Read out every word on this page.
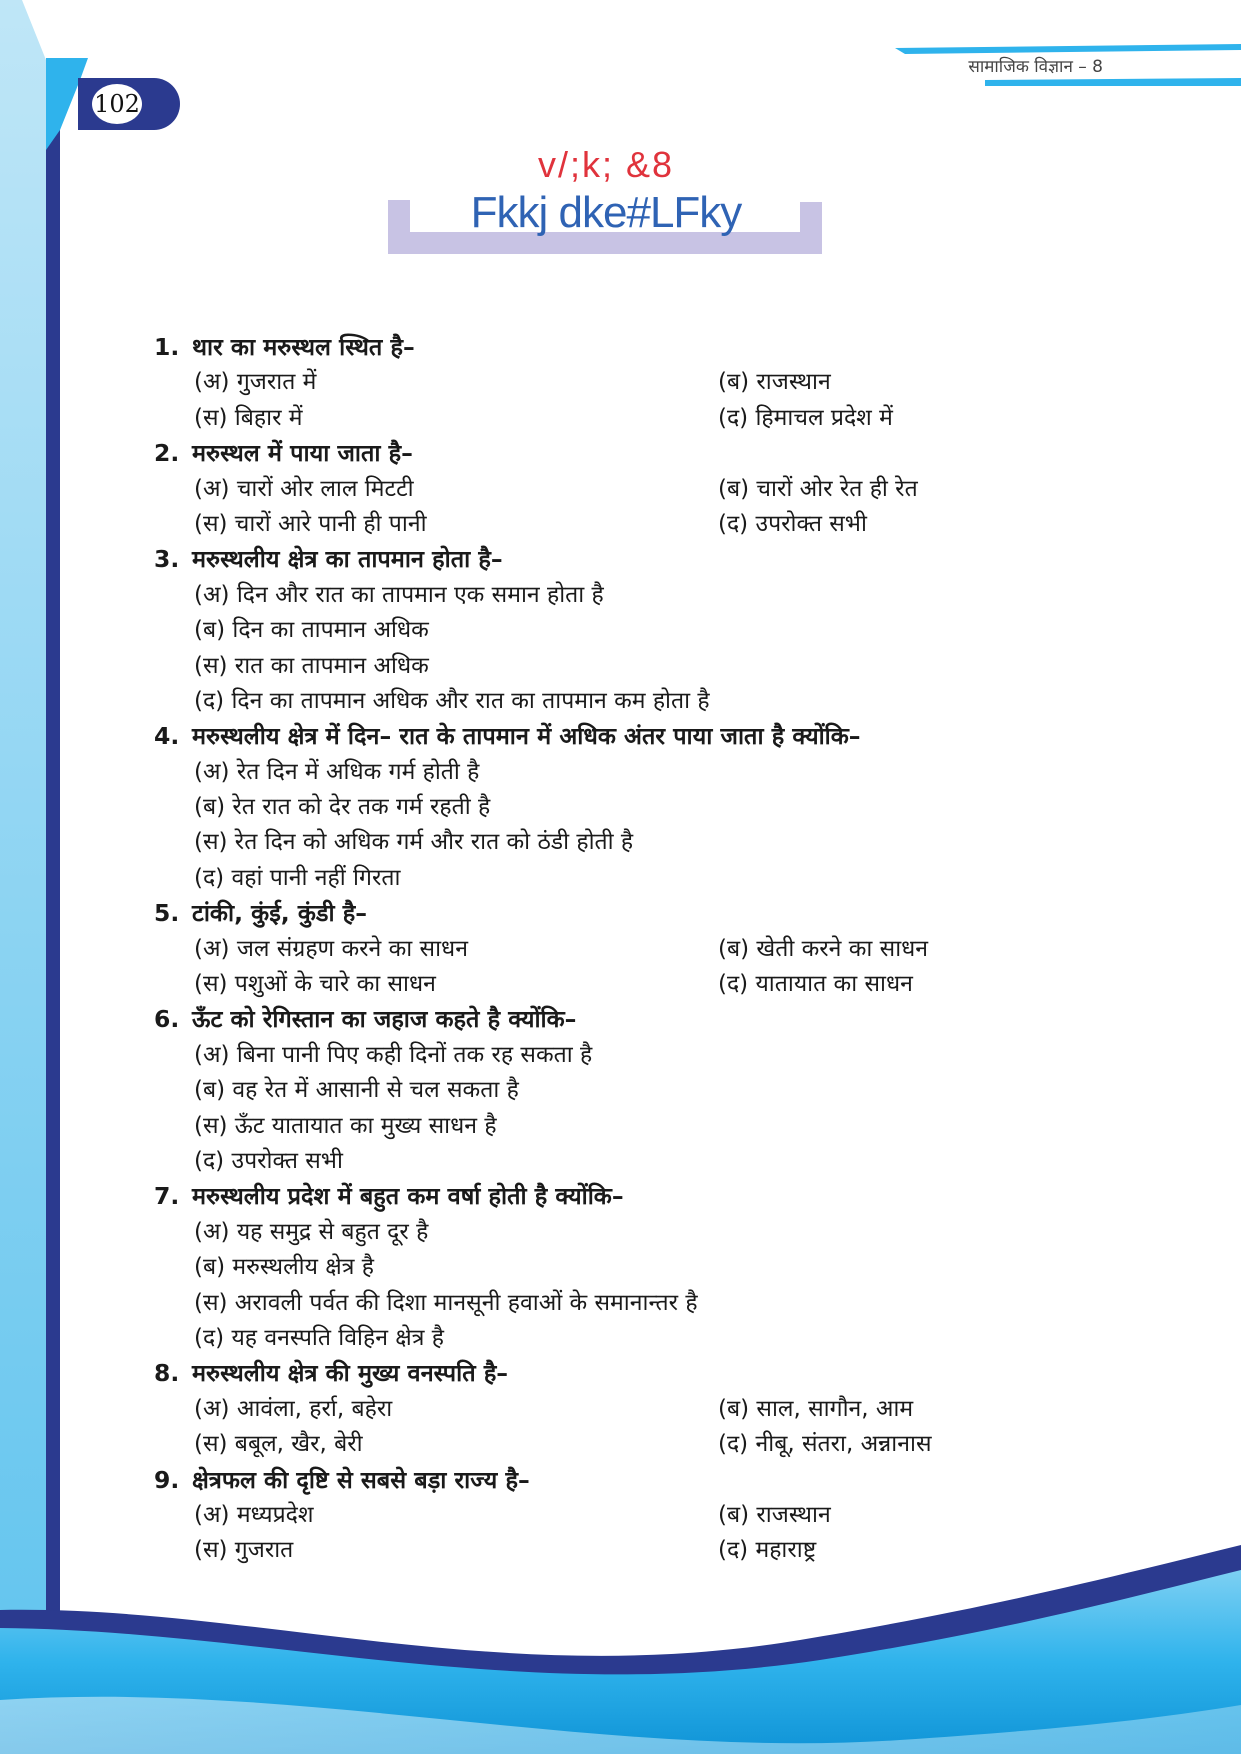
102
सामाजिक विज्ञान – 8
v/;k; &8
Fkkj dke#LFky
1. थार का मरुस्थल स्थित है–
(अ) गुजरात में	(ब) राजस्थान
(स) बिहार में	(द) हिमाचल प्रदेश में
2. मरुस्थल में पाया जाता है–
(अ) चारों ओर लाल मिटटी	(ब) चारों ओर रेत ही रेत
(स) चारों आरे पानी ही पानी	(द) उपरोक्त सभी
3. मरुस्थलीय क्षेत्र का तापमान होता है–
(अ) दिन और रात का तापमान एक समान होता है
(ब) दिन का तापमान अधिक
(स) रात का तापमान अधिक
(द) दिन का तापमान अधिक और रात का तापमान कम होता है
4. मरुस्थलीय क्षेत्र में दिन– रात के तापमान में अधिक अंतर पाया जाता है क्योंकि–
(अ) रेत दिन में अधिक गर्म होती है
(ब) रेत रात को देर तक गर्म रहती है
(स) रेत दिन को अधिक गर्म और रात को ठंडी होती है
(द) वहां पानी नहीं गिरता
5. टांकी, कुंई, कुंडी है–
(अ) जल संग्रहण करने का साधन	(ब) खेती करने का साधन
(स) पशुओं के चारे का साधन	(द) यातायात का साधन
6. ऊँट को रेगिस्तान का जहाज कहते है क्योंकि–
(अ) बिना पानी पिए कही दिनों तक रह सकता है
(ब) वह रेत में आसानी से चल सकता है
(स) ऊँट यातायात का मुख्य साधन है
(द) उपरोक्त सभी
7. मरुस्थलीय प्रदेश में बहुत कम वर्षा होती है क्योंकि–
(अ) यह समुद्र से बहुत दूर है
(ब) मरुस्थलीय क्षेत्र है
(स) अरावली पर्वत की दिशा मानसूनी हवाओं के समानान्तर है
(द) यह वनस्पति विहिन क्षेत्र है
8. मरुस्थलीय क्षेत्र की मुख्य वनस्पति है–
(अ) आवंला, हर्रा, बहेरा	(ब) साल, सागौन, आम
(स) बबूल, खैर, बेरी	(द) नीबू, संतरा, अन्नानास
9. क्षेत्रफल की दृष्टि से सबसे बड़ा राज्य है–
(अ) मध्यप्रदेश	(ब) राजस्थान
(स) गुजरात	(द) महाराष्ट्र
